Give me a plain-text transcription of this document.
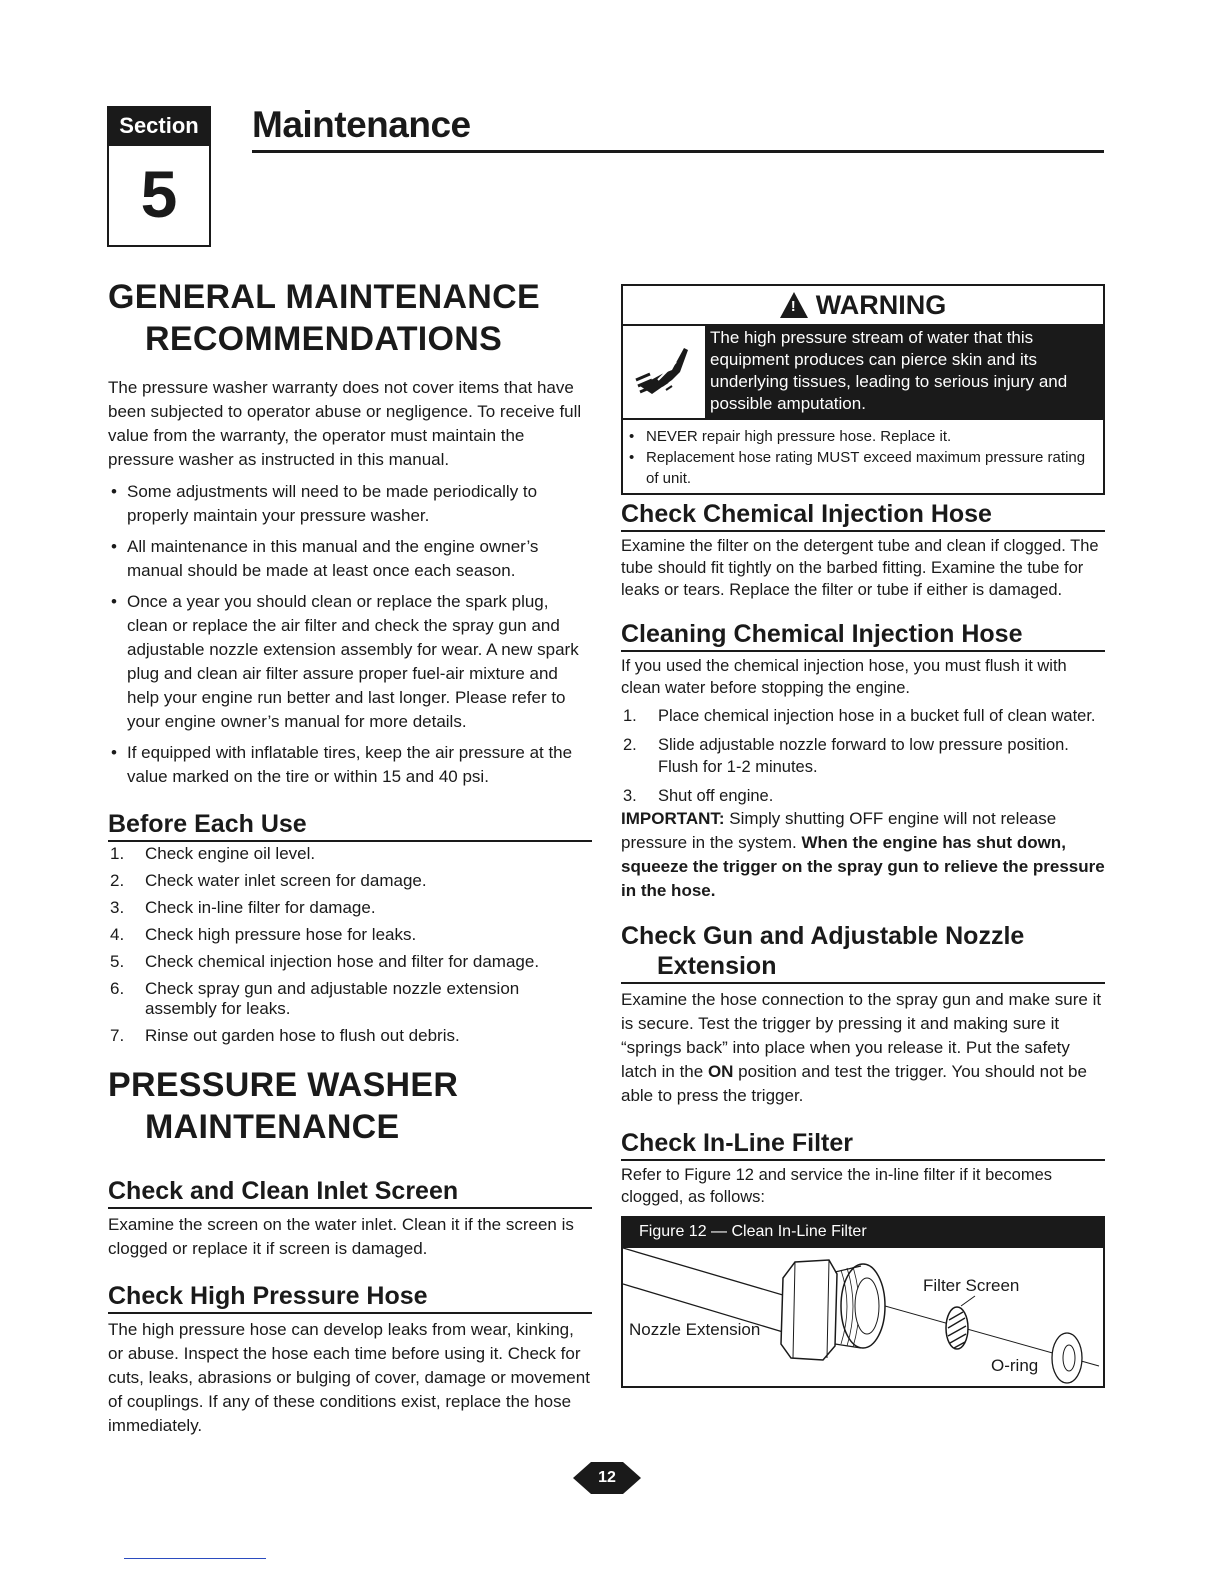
Section
5
Maintenance
GENERAL MAINTENANCE
RECOMMENDATIONS

The pressure washer warranty does not cover items that have been subjected to operator abuse or negligence. To receive full value from the warranty, the operator must maintain the pressure washer as instructed in this manual.

• Some adjustments will need to be made periodically to properly maintain your pressure washer.
• All maintenance in this manual and the engine owner’s manual should be made at least once each season.
• Once a year you should clean or replace the spark plug, clean or replace the air filter and check the spray gun and adjustable nozzle extension assembly for wear. A new spark plug and clean air filter assure proper fuel-air mixture and help your engine run better and last longer. Please refer to your engine owner’s manual for more details.
• If equipped with inflatable tires, keep the air pressure at the value marked on the tire or within 15 and 40 psi.
Before Each Use
1. Check engine oil level.
2. Check water inlet screen for damage.
3. Check in-line filter for damage.
4. Check high pressure hose for leaks.
5. Check chemical injection hose and filter for damage.
6. Check spray gun and adjustable nozzle extension assembly for leaks.
7. Rinse out garden hose to flush out debris.
PRESSURE WASHER
MAINTENANCE
Check and Clean Inlet Screen

Examine the screen on the water inlet. Clean it if the screen is clogged or replace it if screen is damaged.

Check High Pressure Hose

The high pressure hose can develop leaks from wear, kinking, or abuse. Inspect the hose each time before using it. Check for cuts, leaks, abrasions or bulging of cover, damage or movement of couplings. If any of these conditions exist, replace the hose immediately.

! WARNING
The high pressure stream of water that this equipment produces can pierce skin and its underlying tissues, leading to serious injury and possible amputation.
• NEVER repair high pressure hose. Replace it.
• Replacement hose rating MUST exceed maximum pressure rating of unit.
Check Chemical Injection Hose

Examine the filter on the detergent tube and clean if clogged. The tube should fit tightly on the barbed fitting. Examine the tube for leaks or tears. Replace the filter or tube if either is damaged.

Cleaning Chemical Injection Hose

If you used the chemical injection hose, you must flush it with clean water before stopping the engine.

1. Place chemical injection hose in a bucket full of clean water.
2. Slide adjustable nozzle forward to low pressure position. Flush for 1-2 minutes.
3. Shut off engine.

IMPORTANT: Simply shutting OFF engine will not release pressure in the system. When the engine has shut down, squeeze the trigger on the spray gun to relieve the pressure in the hose.

Check Gun and Adjustable Nozzle
Extension

Examine the hose connection to the spray gun and make sure it is secure. Test the trigger by pressing it and making sure it “springs back” into place when you release it. Put the safety latch in the ON position and test the trigger. You should not be able to press the trigger.

Check In-Line Filter

Refer to Figure 12 and service the in-line filter if it becomes clogged, as follows:

Figure 12 — Clean In-Line Filter
Filter Screen
Nozzle Extension
O-ring
12
